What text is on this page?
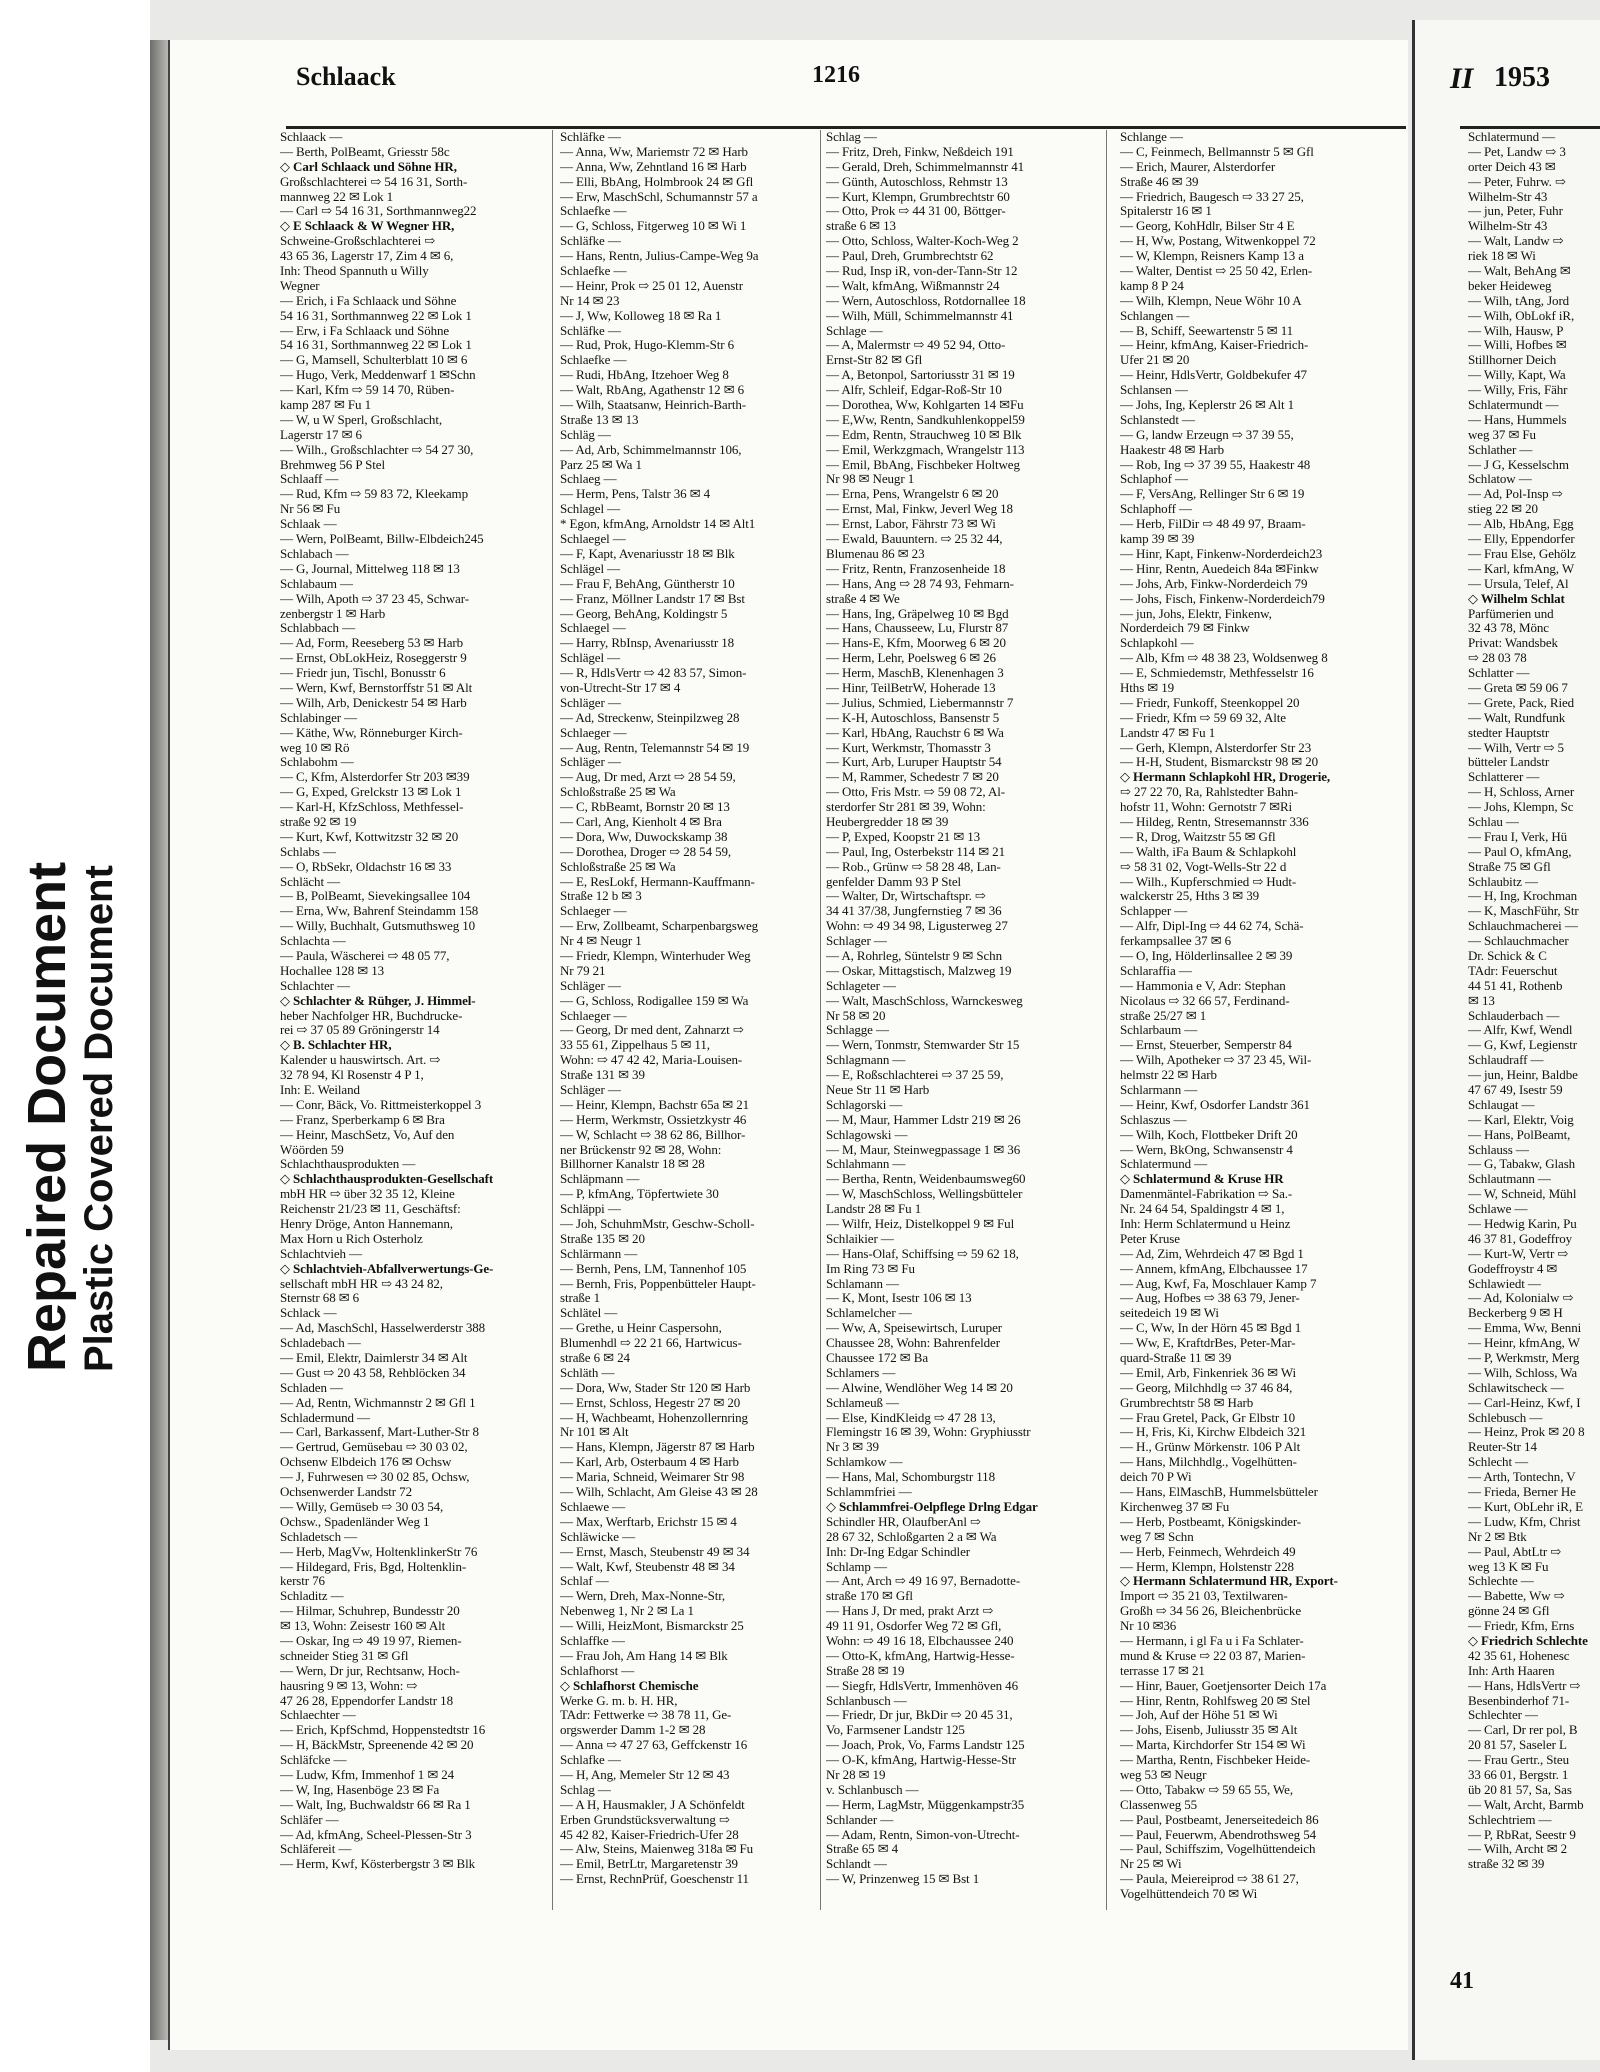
Repaired Document Plastic Covered Document
Schlaack	1216	II 1953
Schlaack —
— Berth, PolBeamt, Griesstr 58c
◇ Carl Schlaack und Söhne HR,
Großschlachterei ⇨ 54 16 31, Sorth-
mannweg 22 ✉ Lok 1
— Carl ⇨ 54 16 31, Sorthmannweg22
◇ E Schlaack & W Wegner HR,
Schweine-Großschlachterei ⇨
43 65 36, Lagerstr 17, Zim 4 ✉ 6,
Inh: Theod Spannuth u Willy
Wegner
— Erich, i Fa Schlaack und Söhne
54 16 31, Sorthmannweg 22 ✉ Lok 1
— Erw, i Fa Schlaack und Söhne
54 16 31, Sorthmannweg 22 ✉ Lok 1
— G, Mamsell, Schulterblatt 10 ✉ 6
— Hugo, Verk, Meddenwarf 1 ✉Schn
— Karl, Kfm ⇨ 59 14 70, Rüben-
kamp 287 ✉ Fu 1
— W, u W Sperl, Großschlacht,
Lagerstr 17 ✉ 6
— Wilh., Großschlachter ⇨ 54 27 30,
Brehmweg 56 P Stel
Schlaaff —
— Rud, Kfm ⇨ 59 83 72, Kleekamp
Nr 56 ✉ Fu
Schlaak —
— Wern, PolBeamt, Billw-Elbdeich245
Schlabach —
— G, Journal, Mittelweg 118 ✉ 13
Schlabaum —
— Wilh, Apoth ⇨ 37 23 45, Schwar-
zenbergstr 1 ✉ Harb
Schlabbach —
— Ad, Form, Reeseberg 53 ✉ Harb
— Ernst, ObLokHeiz, Roseggerstr 9
— Friedr jun, Tischl, Bonusstr 6
— Wern, Kwf, Bernstorffstr 51 ✉ Alt
— Wilh, Arb, Denickestr 54 ✉ Harb
Schlabinger —
— Käthe, Ww, Rönneburger Kirch-
weg 10 ✉ Rö
Schlabohm —
— C, Kfm, Alsterdorfer Str 203 ✉39
— G, Exped, Grelckstr 13 ✉ Lok 1
— Karl-H, KfzSchloss, Methfessel-
straße 92 ✉ 19
— Kurt, Kwf, Kottwitzstr 32 ✉ 20
Schlabs —
— O, RbSekr, Oldachstr 16 ✉ 33
Schlächt —
— B, PolBeamt, Sievekingsallee 104
— Erna, Ww, Bahrenf Steindamm 158
— Willy, Buchhalt, Gutsmuthsweg 10
Schlachta —
— Paula, Wäscherei ⇨ 48 05 77,
Hochallee 128 ✉ 13
Schlachter —
◇ Schlachter & Rühger, J. Himmel-
heber Nachfolger HR, Buchdrucke-
rei ⇨ 37 05 89 Gröningerstr 14
◇ B. Schlachter HR,
Kalender u hauswirtsch. Art. ⇨
32 78 94, Kl Rosenstr 4 P 1,
Inh: E. Weiland
— Conr, Bäck, Vo. Rittmeisterkoppel 3
— Franz, Sperberkamp 6 ✉ Bra
— Heinr, MaschSetz, Vo, Auf den
Wöörden 59
Schlachthausprodukten —
◇ Schlachthausprodukten-Gesellschaft
mbH HR ⇨ über 32 35 12, Kleine
Reichenstr 21/23 ✉ 11, Geschäftsf:
Henry Dröge, Anton Hannemann,
Max Horn u Rich Osterholz
Schlachtvieh —
◇ Schlachtvieh-Abfallverwertungs-Ge-
sellschaft mbH HR ⇨ 43 24 82,
Sternstr 68 ✉ 6
Schlack —
— Ad, MaschSchl, Hasselwerderstr 388
Schladebach —
— Emil, Elektr, Daimlerstr 34 ✉ Alt
— Gust ⇨ 20 43 58, Rehblöcken 34
Schladen —
— Ad, Rentn, Wichmannstr 2 ✉ Gfl 1
Schladermund —
— Carl, Barkassenf, Mart-Luther-Str 8
— Gertrud, Gemüsebau ⇨ 30 03 02,
Ochsenw Elbdeich 176 ✉ Ochsw
— J, Fuhrwesen ⇨ 30 02 85, Ochsw,
Ochsenwerder Landstr 72
— Willy, Gemüseb ⇨ 30 03 54,
Ochsw., Spadenländer Weg 1
Schladetsch —
— Herb, MagVw, HoltenklinkerStr 76
— Hildegard, Fris, Bgd, Holtenklin-
kerstr 76
Schladitz —
— Hilmar, Schuhrep, Bundesstr 20
✉ 13, Wohn: Zeisestr 160 ✉ Alt
— Oskar, Ing ⇨ 49 19 97, Riemen-
schneider Stieg 31 ✉ Gfl
— Wern, Dr jur, Rechtsanw, Hoch-
hausring 9 ✉ 13, Wohn: ⇨
47 26 28, Eppendorfer Landstr 18
Schlaechter —
— Erich, KpfSchmd, Hoppenstedtstr 16
— H, BäckMstr, Spreenende 42 ✉ 20
Schläfcke —
— Ludw, Kfm, Immenhof 1 ✉ 24
— W, Ing, Hasenböge 23 ✉ Fa
— Walt, Ing, Buchwaldstr 66 ✉ Ra 1
Schläfer —
— Ad, kfmAng, Scheel-Plessen-Str 3
Schläfereit —
— Herm, Kwf, Kösterbergstr 3 ✉ Blk
Schläfke —
— Anna, Ww, Mariemstr 72 ✉ Harb
— Anna, Ww, Zehntland 16 ✉ Harb
— Elli, BbAng, Holmbrook 24 ✉ Gfl
— Erw, MaschSchl, Schumannstr 57 a
Schlaefke —
— G, Schloss, Fitgerweg 10 ✉ Wi 1
Schläfke —
— Hans, Rentn, Julius-Campe-Weg 9a
Schlaefke —
— Heinr, Prok ⇨ 25 01 12, Auenstr
Nr 14 ✉ 23
— J, Ww, Kolloweg 18 ✉ Ra 1
Schläfke —
— Rud, Prok, Hugo-Klemm-Str 6
Schlaefke —
— Rudi, HbAng, Itzehoer Weg 8
— Walt, RbAng, Agathenstr 12 ✉ 6
— Wilh, Staatsanw, Heinrich-Barth-
Straße 13 ✉ 13
Schläg —
— Ad, Arb, Schimmelmannstr 106,
Parz 25 ✉ Wa 1
Schlaeg —
— Herm, Pens, Talstr 36 ✉ 4
Schlagel —
* Egon, kfmAng, Arnoldstr 14 ✉ Alt1
Schlaegel —
— F, Kapt, Avenariusstr 18 ✉ Blk
Schlägel —
— Frau F, BehAng, Güntherstr 10
— Franz, Möllner Landstr 17 ✉ Bst
— Georg, BehAng, Koldingstr 5
Schlaegel —
— Harry, RbInsp, Avenariusstr 18
Schlägel —
— R, HdlsVertr ⇨ 42 83 57, Simon-
von-Utrecht-Str 17 ✉ 4
Schläger —
— Ad, Streckenw, Steinpilzweg 28
Schlaeger —
— Aug, Rentn, Telemannstr 54 ✉ 19
Schläger —
— Aug, Dr med, Arzt ⇨ 28 54 59,
Schloßstraße 25 ✉ Wa
— C, RbBeamt, Bornstr 20 ✉ 13
— Carl, Ang, Kienholt 4 ✉ Bra
— Dora, Ww, Duwockskamp 38
— Dorothea, Droger ⇨ 28 54 59,
Schloßstraße 25 ✉ Wa
— E, ResLokf, Hermann-Kauffmann-
Straße 12 b ✉ 3
Schlaeger —
— Erw, Zollbeamt, Scharpenbargsweg
Nr 4 ✉ Neugr 1
— Friedr, Klempn, Winterhuder Weg
Nr 79 21
Schläger —
— G, Schloss, Rodigallee 159 ✉ Wa
Schlaeger —
— Georg, Dr med dent, Zahnarzt ⇨
33 55 61, Zippelhaus 5 ✉ 11,
Wohn: ⇨ 47 42 42, Maria-Louisen-
Straße 131 ✉ 39
Schläger —
— Heinr, Klempn, Bachstr 65a ✉ 21
— Herm, Werkmstr, Ossietzkystr 46
— W, Schlacht ⇨ 38 62 86, Billhor-
ner Brückenstr 92 ✉ 28, Wohn:
Billhorner Kanalstr 18 ✉ 28
Schläpmann —
— P, kfmAng, Töpfertwiete 30
Schläppi —
— Joh, SchuhmMstr, Geschw-Scholl-
Straße 135 ✉ 20
Schlärmann —
— Bernh, Pens, LM, Tannenhof 105
— Bernh, Fris, Poppenbütteler Haupt-
straße 1
Schlätel —
— Grethe, u Heinr Caspersohn,
Blumenhdl ⇨ 22 21 66, Hartwicus-
straße 6 ✉ 24
Schläth —
— Dora, Ww, Stader Str 120 ✉ Harb
— Ernst, Schloss, Hegestr 27 ✉ 20
— H, Wachbeamt, Hohenzollernring
Nr 101 ✉ Alt
— Hans, Klempn, Jägerstr 87 ✉ Harb
— Karl, Arb, Osterbaum 4 ✉ Harb
— Maria, Schneid, Weimarer Str 98
— Wilh, Schlacht, Am Gleise 43 ✉ 28
Schlaewe —
— Max, Werftarb, Erichstr 15 ✉ 4
Schläwicke —
— Ernst, Masch, Steubenstr 49 ✉ 34
— Walt, Kwf, Steubenstr 48 ✉ 34
Schlaf —
— Wern, Dreh, Max-Nonne-Str,
Nebenweg 1, Nr 2 ✉ La 1
— Willi, HeizMont, Bismarckstr 25
Schlaffke —
— Frau Joh, Am Hang 14 ✉ Blk
Schlafhorst —
◇ Schlafhorst Chemische
Werke G. m. b. H. HR,
TAdr: Fettwerke ⇨ 38 78 11, Ge-
orgswerder Damm 1-2 ✉ 28
— Anna ⇨ 47 27 63, Geffckenstr 16
Schlafke —
— H, Ang, Memeler Str 12 ✉ 43
Schlag —
— A H, Hausmakler, J A Schönfeldt
Erben Grundstücksverwaltung ⇨
45 42 82, Kaiser-Friedrich-Ufer 28
— Alw, Steins, Maienweg 318a ✉ Fu
— Emil, BetrLtr, Margaretenstr 39
— Ernst, RechnPrüf, Goeschenstr 11
Schlag —
— Fritz, Dreh, Finkw, Neßdeich 191
— Gerald, Dreh, Schimmelmannstr 41
— Günth, Autoschloss, Rehmstr 13
— Kurt, Klempn, Grumbrechtstr 60
— Otto, Prok ⇨ 44 31 00, Böttger-
straße 6 ✉ 13
— Otto, Schloss, Walter-Koch-Weg 2
— Paul, Dreh, Grumbrechtstr 62
— Rud, Insp iR, von-der-Tann-Str 12
— Walt, kfmAng, Wißmannstr 24
— Wern, Autoschloss, Rotdornallee 18
— Wilh, Müll, Schimmelmannstr 41
Schlage —
— A, Malermstr ⇨ 49 52 94, Otto-
Ernst-Str 82 ✉ Gfl
— A, Betonpol, Sartoriusstr 31 ✉ 19
— Alfr, Schleif, Edgar-Roß-Str 10
— Dorothea, Ww, Kohlgarten 14 ✉Fu
— E,Ww, Rentn, Sandkuhlenkoppel59
— Edm, Rentn, Strauchweg 10 ✉ Blk
— Emil, Werkzgmach, Wrangelstr 113
— Emil, BbAng, Fischbeker Holtweg
Nr 98 ✉ Neugr 1
— Erna, Pens, Wrangelstr 6 ✉ 20
— Ernst, Mal, Finkw, Jeverl Weg 18
— Ernst, Labor, Fährstr 73 ✉ Wi
— Ewald, Bauuntern. ⇨ 25 32 44,
Blumenau 86 ✉ 23
— Fritz, Rentn, Franzosenheide 18
— Hans, Ang ⇨ 28 74 93, Fehmarn-
straße 4 ✉ We
— Hans, Ing, Gräpelweg 10 ✉ Bgd
— Hans, Chausseew, Lu, Flurstr 87
— Hans-E, Kfm, Moorweg 6 ✉ 20
— Herm, Lehr, Poelsweg 6 ✉ 26
— Herm, MaschB, Klenenhagen 3
— Hinr, TeilBetrW, Hoherade 13
— Julius, Schmied, Liebermannstr 7
— K-H, Autoschloss, Bansenstr 5
— Karl, HbAng, Rauchstr 6 ✉ Wa
— Kurt, Werkmstr, Thomasstr 3
— Kurt, Arb, Luruper Hauptstr 54
— M, Rammer, Schedestr 7 ✉ 20
— Otto, Fris Mstr. ⇨ 59 08 72, Al-
sterdorfer Str 281 ✉ 39, Wohn:
Heubergredder 18 ✉ 39
— P, Exped, Koopstr 21 ✉ 13
— Paul, Ing, Osterbekstr 114 ✉ 21
— Rob., Grünw ⇨ 58 28 48, Lan-
genfelder Damm 93 P Stel
— Walter, Dr, Wirtschaftspr. ⇨
34 41 37/38, Jungfernstieg 7 ✉ 36
Wohn: ⇨ 49 34 98, Ligusterweg 27
Schlager —
— A, Rohrleg, Süntelstr 9 ✉ Schn
— Oskar, Mittagstisch, Malzweg 19
Schlageter —
— Walt, MaschSchloss, Warnckesweg
Nr 58 ✉ 20
Schlagge —
— Wern, Tonmstr, Stemwarder Str 15
Schlagmann —
— E, Roßschlachterei ⇨ 37 25 59,
Neue Str 11 ✉ Harb
Schlagorski —
— M, Maur, Hammer Ldstr 219 ✉ 26
Schlagowski —
— M, Maur, Steinwegpassage 1 ✉ 36
Schlahmann —
— Bertha, Rentn, Weidenbaumsweg60
— W, MaschSchloss, Wellingsbütteler
Landstr 28 ✉ Fu 1
— Wilfr, Heiz, Distelkoppel 9 ✉ Ful
Schlaikier —
— Hans-Olaf, Schiffsing ⇨ 59 62 18,
Im Ring 73 ✉ Fu
Schlamann —
— K, Mont, Isestr 106 ✉ 13
Schlamelcher —
— Ww, A, Speisewirtsch, Luruper
Chaussee 28, Wohn: Bahrenfelder
Chaussee 172 ✉ Ba
Schlamers —
— Alwine, Wendlöher Weg 14 ✉ 20
Schlameuß —
— Else, KindKleidg ⇨ 47 28 13,
Flemingstr 16 ✉ 39, Wohn: Gryphiusstr
Nr 3 ✉ 39
Schlamkow —
— Hans, Mal, Schomburgstr 118
Schlammfriei —
◇ Schlammfrei-Oelpflege Drlng Edgar
Schindler HR, OlaufberAnl ⇨
28 67 32, Schloßgarten 2 a ✉ Wa
Inh: Dr-Ing Edgar Schindler
Schlamp —
— Ant, Arch ⇨ 49 16 97, Bernadotte-
straße 170 ✉ Gfl
— Hans J, Dr med, prakt Arzt ⇨
49 11 91, Osdorfer Weg 72 ✉ Gfl,
Wohn: ⇨ 49 16 18, Elbchaussee 240
— Otto-K, kfmAng, Hartwig-Hesse-
Straße 28 ✉ 19
— Siegfr, HdlsVertr, Immenhöven 46
Schlanbusch —
— Friedr, Dr jur, BkDir ⇨ 20 45 31,
Vo, Farmsener Landstr 125
— Joach, Prok, Vo, Farms Landstr 125
— O-K, kfmAng, Hartwig-Hesse-Str
Nr 28 ✉ 19
v. Schlanbusch —
— Herm, LagMstr, Müggenkampstr35
Schlander —
— Adam, Rentn, Simon-von-Utrecht-
Straße 65 ✉ 4
Schlandt —
— W, Prinzenweg 15 ✉ Bst 1
Schlange —
— C, Feinmech, Bellmannstr 5 ✉ Gfl
— Erich, Maurer, Alsterdorfer
Straße 46 ✉ 39
— Friedrich, Baugesch ⇨ 33 27 25,
Spitalerstr 16 ✉ 1
— Georg, KohHdlr, Bilser Str 4 E
— H, Ww, Postang, Witwenkoppel 72
— W, Klempn, Reisners Kamp 13 a
— Walter, Dentist ⇨ 25 50 42, Erlen-
kamp 8 P 24
— Wilh, Klempn, Neue Wöhr 10 A
Schlangen —
— B, Schiff, Seewartenstr 5 ✉ 11
— Heinr, kfmAng, Kaiser-Friedrich-
Ufer 21 ✉ 20
— Heinr, HdlsVertr, Goldbekufer 47
Schlansen —
— Johs, Ing, Keplerstr 26 ✉ Alt 1
Schlanstedt —
— G, landw Erzeugn ⇨ 37 39 55,
Haakestr 48 ✉ Harb
— Rob, Ing ⇨ 37 39 55, Haakestr 48
Schlaphof —
— F, VersAng, Rellinger Str 6 ✉ 19
Schlaphoff —
— Herb, FilDir ⇨ 48 49 97, Braam-
kamp 39 ✉ 39
— Hinr, Kapt, Finkenw-Norderdeich23
— Hinr, Rentn, Auedeich 84a ✉Finkw
— Johs, Arb, Finkw-Norderdeich 79
— Johs, Fisch, Finkenw-Norderdeich79
— jun, Johs, Elektr, Finkenw,
Norderdeich 79 ✉ Finkw
Schlapkohl —
— Alb, Kfm ⇨ 48 38 23, Woldsenweg 8
— E, Schmiedemstr, Methfesselstr 16
Hths ✉ 19
— Friedr, Funkoff, Steenkoppel 20
— Friedr, Kfm ⇨ 59 69 32, Alte
Landstr 47 ✉ Fu 1
— Gerh, Klempn, Alsterdorfer Str 23
— H-H, Student, Bismarckstr 98 ✉ 20
◇ Hermann Schlapkohl HR, Drogerie,
⇨ 27 22 70, Ra, Rahlstedter Bahn-
hofstr 11, Wohn: Gernotstr 7 ✉Ri
— Hildeg, Rentn, Stresemannstr 336
— R, Drog, Waitzstr 55 ✉ Gfl
— Walth, iFa Baum & Schlapkohl
⇨ 58 31 02, Vogt-Wells-Str 22 d
— Wilh., Kupferschmied ⇨ Hudt-
walckerstr 25, Hths 3 ✉ 39
Schlapper —
— Alfr, Dipl-Ing ⇨ 44 62 74, Schä-
ferkampsallee 37 ✉ 6
— O, Ing, Hölderlinsallee 2 ✉ 39
Schlaraffia —
— Hammonia e V, Adr: Stephan
Nicolaus ⇨ 32 66 57, Ferdinand-
straße 25/27 ✉ 1
Schlarbaum —
— Ernst, Steuerber, Semperstr 84
— Wilh, Apotheker ⇨ 37 23 45, Wil-
helmstr 22 ✉ Harb
Schlarmann —
— Heinr, Kwf, Osdorfer Landstr 361
Schlaszus —
— Wilh, Koch, Flottbeker Drift 20
— Wern, BkOng, Schwansenstr 4
Schlatermund —
◇ Schlatermund & Kruse HR
Damenmäntel-Fabrikation ⇨ Sa.-
Nr. 24 64 54, Spaldingstr 4 ✉ 1,
Inh: Herm Schlatermund u Heinz
Peter Kruse
— Ad, Zim, Wehrdeich 47 ✉ Bgd 1
— Annem, kfmAng, Elbchaussee 17
— Aug, Kwf, Fa, Moschlauer Kamp 7
— Aug, Hofbes ⇨ 38 63 79, Jener-
seitedeich 19 ✉ Wi
— C, Ww, In der Hörn 45 ✉ Bgd 1
— Ww, E, KraftdrBes, Peter-Mar-
quard-Straße 11 ✉ 39
— Emil, Arb, Finkenriek 36 ✉ Wi
— Georg, Milchhdlg ⇨ 37 46 84,
Grumbrechtstr 58 ✉ Harb
— Frau Gretel, Pack, Gr Elbstr 10
— H, Fris, Ki, Kirchw Elbdeich 321
— H., Grünw Mörkenstr. 106 P Alt
— Hans, Milchhdlg., Vogelhütten-
deich 70 P Wi
— Hans, ElMaschB, Hummelsbütteler
Kirchenweg 37 ✉ Fu
— Herb, Postbeamt, Königskinder-
weg 7 ✉ Schn
— Herb, Feinmech, Wehrdeich 49
— Herm, Klempn, Holstenstr 228
◇ Hermann Schlatermund HR, Export-
Import ⇨ 35 21 03, Textilwaren-
Großh ⇨ 34 56 26, Bleichenbrücke
Nr 10 ✉36
— Hermann, i gl Fa u i Fa Schlater-
mund & Kruse ⇨ 22 03 87, Marien-
terrasse 17 ✉ 21
— Hinr, Bauer, Goetjensorter Deich 17a
— Hinr, Rentn, Rohlfsweg 20 ✉ Stel
— Joh, Auf der Höhe 51 ✉ Wi
— Johs, Eisenb, Juliusstr 35 ✉ Alt
— Marta, Kirchdorfer Str 154 ✉ Wi
— Martha, Rentn, Fischbeker Heide-
weg 53 ✉ Neugr
— Otto, Tabakw ⇨ 59 65 55, We,
Classenweg 55
— Paul, Postbeamt, Jenerseitedeich 86
— Paul, Feuerwm, Abendrothsweg 54
— Paul, Schiffszim, Vogelhüttendeich
Nr 25 ✉ Wi
— Paula, Meiereiprod ⇨ 38 61 27,
Vogelhüttendeich 70 ✉ Wi
Schlatermund —
— Pet, Landw ⇨ 3
orter Deich 43 ✉
— Peter, Fuhrw. ⇨
Wilhelm-Str 43
— jun, Peter, Fuhr
Wilhelm-Str 43
— Walt, Landw ⇨
riek 18 ✉ Wi
— Walt, BehAng ✉
beker Heideweg
— Wilh, tAng, Jord
— Wilh, ObLokf iR,
— Wilh, Hausw, P
— Willi, Hofbes ✉
Stillhorner Deich
— Willy, Kapt, Wa
— Willy, Fris, Fähr
Schlatermundt —
— Hans, Hummels
weg 37 ✉ Fu
Schlather —
— J G, Kesselschm
Schlatow —
— Ad, Pol-Insp ⇨
stieg 22 ✉ 20
— Alb, HbAng, Egg
— Elly, Eppendorfer
— Frau Else, Gehölz
— Karl, kfmAng, W
— Ursula, Telef, Al
◇ Wilhelm Schlat
Parfümerien und
32 43 78, Mönc
Privat: Wandsbek
⇨ 28 03 78
Schlatter —
— Greta ✉ 59 06 7
— Grete, Pack, Ried
— Walt, Rundfunk
stedter Hauptstr
— Wilh, Vertr ⇨ 5
bütteler Landstr
Schlatterer —
— H, Schloss, Arner
— Johs, Klempn, Sc
Schlau —
— Frau I, Verk, Hü
— Paul O, kfmAng,
Straße 75 ✉ Gfl
Schlaubitz —
— H, Ing, Krochman
— K, MaschFühr, Str
Schlauchmacherei —
— Schlauchmacher
Dr. Schick & C
TAdr: Feuerschut
44 51 41, Rothenb
✉ 13
Schlauderbach —
— Alfr, Kwf, Wendl
— G, Kwf, Legienstr
Schlaudraff —
— jun, Heinr, Baldbe
47 67 49, Isestr 59
Schlaugat —
— Karl, Elektr, Voig
— Hans, PolBeamt,
Schlauss —
— G, Tabakw, Glash
Schlautmann —
— W, Schneid, Mühl
Schlawe —
— Hedwig Karin, Pu
46 37 81, Godeffroy
— Kurt-W, Vertr ⇨
Godeffroystr 4 ✉
Schlawiedt —
— Ad, Kolonialw ⇨
Beckerberg 9 ✉ H
— Emma, Ww, Benni
— Heinr, kfmAng, W
— P, Werkmstr, Merg
— Wilh, Schloss, Wa
Schlawitscheck —
— Carl-Heinz, Kwf, I
Schlebusch —
— Heinz, Prok ✉ 20 8
Reuter-Str 14
Schlecht —
— Arth, Tontechn, V
— Frieda, Berner He
— Kurt, ObLehr iR, E
— Ludw, Kfm, Christ
Nr 2 ✉ Btk
— Paul, AbtLtr ⇨
weg 13 K ✉ Fu
Schlechte —
— Babette, Ww ⇨
gönne 24 ✉ Gfl
— Friedr, Kfm, Erns
◇ Friedrich Schlechte
42 35 61, Hohenesc
Inh: Arth Haaren
— Hans, HdlsVertr ⇨
Besenbinderhof 71-
Schlechter —
— Carl, Dr rer pol, B
20 81 57, Saseler L
— Frau Gertr., Steu
33 66 01, Bergstr. 1
üb 20 81 57, Sa, Sas
— Walt, Archt, Barmb
Schlechtriem —
— P, RbRat, Seestr 9
— Wilh, Archt ✉ 2
straße 32 ✉ 39
41
